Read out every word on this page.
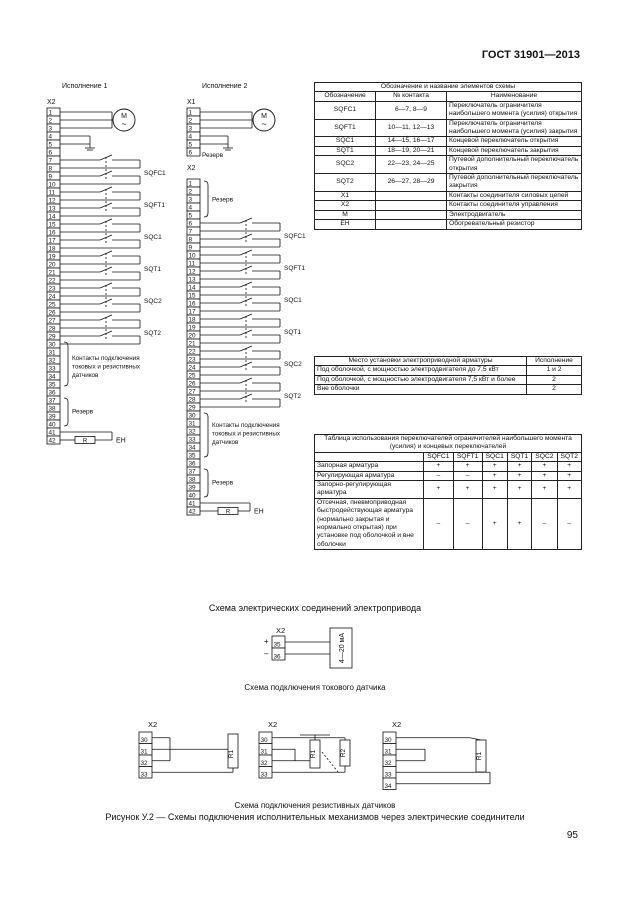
ГОСТ 31901—2013
Исполнение 1
X2
1
2
3
4
5
6
7
8
9
10
11
12
13
14
15
16
17
18
19
20
21
22
23
24
25
26
27
28
29
30
31
32
33
34
35
36
37
38
39
40
41
42
M
~
SQFC1
SQFT1
SQC1
SQT1
SQC2
SQT2
Контакты подключения
токовых и резистивных
датчиков
Резерв
R	ЕН
Исполнение 2
X1
1
2
3
4
5
6
M
~
Резерв
X2
1
2
3
4
5
6
7
8
9
10
11
12
13
14
15
16
17
18
19
20
21
22
23
24
25
26
27
28
29
30
31
32
33
34
35
36
37
38
39
40
41
42
Резерв
SQFC1
SQFT1
SQC1
SQT1
SQC2
SQT2
Контакты подключения
токовых и резистивных
датчиков
Резерв
R	ЕН
X2
35
36
+
–	4—20 мА
X2
30
31
32
33
R1
X2
30
31
32
33
R1	R2
X2
30
31
32
33
34
R1
Обозначение и название элементов схемы		
Обозначение	№ контакта	Наименование
SQFC1	6—7, 8—9	Переключатель ограничителя наибольшего момента (усилия) открытия
SQFT1	10—11, 12—13	Переключатель ограничителя наибольшего момента (усилия) закрытия
SQC1	14—15, 16—17	Концевой переключатель открытия
SQT1	18—19, 20—21	Концевой переключатель закрытия
SQC2	22—23, 24—25	Путевой дополнительный переключатель открытия
SQT2	26—27, 28—29	Путевой дополнительный переключатель закрытия
X1		Контакты соединителя силовых цепей
X2		Контакты соединителя управления
М		Электродвигатель
ЕН		Обогревательный резистор
Место установки электроприводной арматуры	Исполнение
Под оболочкой, с мощностью электродвигателя до 7,5 кВт	1 и 2
Под оболочкой, с мощностью электродвигателя 7,5 кВт и более	2
Вне оболочки	2
Таблица использования переключателей ограничителей наибольшего момента (усилия) и концевых переключателей						
	SQFC1	SQFT1	SQC1	SQT1	SQC2	SQT2
Запорная арматура	+	+	+	+	+	+
Регулирующая арматура	–	–	+	+	+	+
Запорно-регулирующая арматура	+	+	+	+	+	+
Отсечная, пневмоприводная быстродействующая арматура (нормально закрытая и нормально открытая) при установке под оболочкой и вне оболочки	–	–	+	+	–	–
Схема электрических соединений электропривода
Схема подключения токового датчика
Схема подключения резистивных датчиков
Рисунок У.2 — Схемы подключения исполнительных механизмов через электрические соединители
95
